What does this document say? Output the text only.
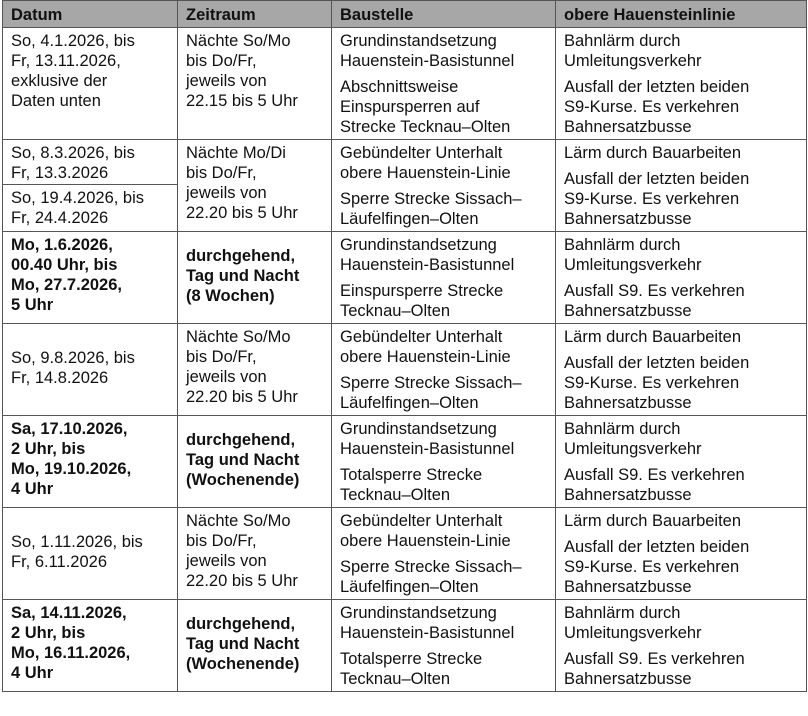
Datum	Zeitraum	Baustelle	obere Hauensteinlinie

So, 4.1.2026, bis
Fr, 13.11.2026,
exklusive der
Daten unten	Nächte So/Mo
bis Do/Fr,
jeweils von
22.15 bis 5 Uhr	Grundinstandsetzung
Hauenstein-Basistunnel
Abschnittsweise
Einspursperren auf
Strecke Tecknau–Olten	Bahnlärm durch
Umleitungsverkehr
Ausfall der letzten beiden
S9-Kurse. Es verkehren
Bahnersatzbusse

So, 8.3.2026, bis
Fr, 13.3.2026	Nächte Mo/Di
bis Do/Fr,
jeweils von
22.20 bis 5 Uhr	Gebündelter Unterhalt
obere Hauenstein-Linie
Sperre Strecke Sissach–
Läufelfingen–Olten	Lärm durch Bauarbeiten
Ausfall der letzten beiden
S9-Kurse. Es verkehren
Bahnersatzbusse

So, 19.4.2026, bis
Fr, 24.4.2026			

Mo, 1.6.2026,
00.40 Uhr, bis
Mo, 27.7.2026,
5 Uhr	durchgehend,
Tag und Nacht
(8 Wochen)	Grundinstandsetzung
Hauenstein-Basistunnel
Einspursperre Strecke
Tecknau–Olten	Bahnlärm durch
Umleitungsverkehr
Ausfall S9. Es verkehren
Bahnersatzbusse

So, 9.8.2026, bis
Fr, 14.8.2026	Nächte So/Mo
bis Do/Fr,
jeweils von
22.20 bis 5 Uhr	Gebündelter Unterhalt
obere Hauenstein-Linie
Sperre Strecke Sissach–
Läufelfingen–Olten	Lärm durch Bauarbeiten
Ausfall der letzten beiden
S9-Kurse. Es verkehren
Bahnersatzbusse

Sa, 17.10.2026,
2 Uhr, bis
Mo, 19.10.2026,
4 Uhr	durchgehend,
Tag und Nacht
(Wochenende)	Grundinstandsetzung
Hauenstein-Basistunnel
Totalsperre Strecke
Tecknau–Olten	Bahnlärm durch
Umleitungsverkehr
Ausfall S9. Es verkehren
Bahnersatzbusse

So, 1.11.2026, bis
Fr, 6.11.2026	Nächte So/Mo
bis Do/Fr,
jeweils von
22.20 bis 5 Uhr	Gebündelter Unterhalt
obere Hauenstein-Linie
Sperre Strecke Sissach–
Läufelfingen–Olten	Lärm durch Bauarbeiten
Ausfall der letzten beiden
S9-Kurse. Es verkehren
Bahnersatzbusse

Sa, 14.11.2026,
2 Uhr, bis
Mo, 16.11.2026,
4 Uhr	durchgehend,
Tag und Nacht
(Wochenende)	Grundinstandsetzung
Hauenstein-Basistunnel
Totalsperre Strecke
Tecknau–Olten	Bahnlärm durch
Umleitungsverkehr
Ausfall S9. Es verkehren
Bahnersatzbusse
